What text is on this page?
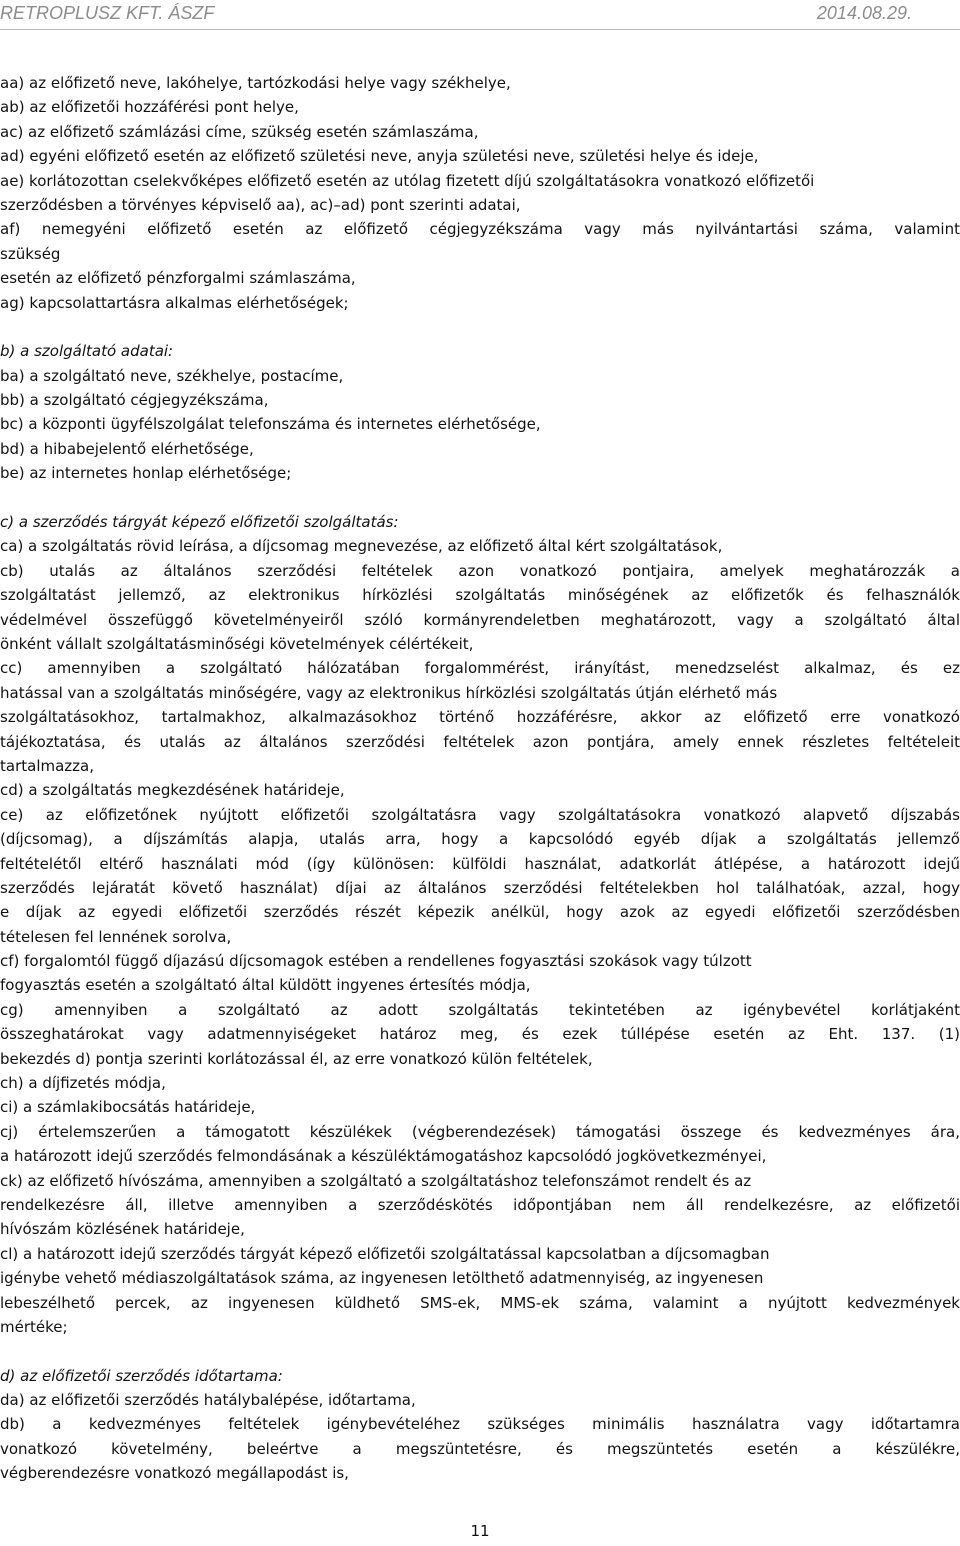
RETROPLUSZ KFT. ÁSZF	2014.08.29.
aa) az előfizető neve, lakóhelye, tartózkodási helye vagy székhelye,
ab) az előfizetői hozzáférési pont helye,
ac) az előfizető számlázási címe, szükség esetén számlaszáma,
ad) egyéni előfizető esetén az előfizető születési neve, anyja születési neve, születési helye és ideje,
ae) korlátozottan cselekvőképes előfizető esetén az utólag fizetett díjú szolgáltatásokra vonatkozó előfizetői
szerződésben a törvényes képviselő aa), ac)–ad) pont szerinti adatai,
af) nemegyéni előfizető esetén az előfizető cégjegyzékszáma vagy más nyilvántartási száma, valamint
szükség
esetén az előfizető pénzforgalmi számlaszáma,
ag) kapcsolattartásra alkalmas elérhetőségek;
b) a szolgáltató adatai:
ba) a szolgáltató neve, székhelye, postacíme,
bb) a szolgáltató cégjegyzékszáma,
bc) a központi ügyfélszolgálat telefonszáma és internetes elérhetősége,
bd) a hibabejelentő elérhetősége,
be) az internetes honlap elérhetősége;
c) a szerződés tárgyát képező előfizetői szolgáltatás:
ca) a szolgáltatás rövid leírása, a díjcsomag megnevezése, az előfizető által kért szolgáltatások,
cb) utalás az általános szerződési feltételek azon vonatkozó pontjaira, amelyek meghatározzák a
szolgáltatást jellemző, az elektronikus hírközlési szolgáltatás minőségének az előfizetők és felhasználók
védelmével összefüggő követelményeiről szóló kormányrendeletben meghatározott, vagy a szolgáltató által
önként vállalt szolgáltatásminőségi követelmények célértékeit,
cc) amennyiben a szolgáltató hálózatában forgalommérést, irányítást, menedzselést alkalmaz, és ez
hatással van a szolgáltatás minőségére, vagy az elektronikus hírközlési szolgáltatás útján elérhető más
szolgáltatásokhoz, tartalmakhoz, alkalmazásokhoz történő hozzáférésre, akkor az előfizető erre vonatkozó
tájékoztatása, és utalás az általános szerződési feltételek azon pontjára, amely ennek részletes feltételeit
tartalmazza,
cd) a szolgáltatás megkezdésének határideje,
ce) az előfizetőnek nyújtott előfizetői szolgáltatásra vagy szolgáltatásokra vonatkozó alapvető díjszabás
(díjcsomag), a díjszámítás alapja, utalás arra, hogy a kapcsolódó egyéb díjak a szolgáltatás jellemző
feltételétől eltérő használati mód (így különösen: külföldi használat, adatkorlát átlépése, a határozott idejű
szerződés lejáratát követő használat) díjai az általános szerződési feltételekben hol találhatóak, azzal, hogy
e díjak az egyedi előfizetői szerződés részét képezik anélkül, hogy azok az egyedi előfizetői szerződésben
tételesen fel lennének sorolva,
cf) forgalomtól függő díjazású díjcsomagok estében a rendellenes fogyasztási szokások vagy túlzott
fogyasztás esetén a szolgáltató által küldött ingyenes értesítés módja,
cg) amennyiben a szolgáltató az adott szolgáltatás tekintetében az igénybevétel korlátjaként
összeghatárokat vagy adatmennyiségeket határoz meg, és ezek túllépése esetén az Eht. 137. (1)
bekezdés d) pontja szerinti korlátozással él, az erre vonatkozó külön feltételek,
ch) a díjfizetés módja,
ci) a számlakibocsátás határideje,
cj) értelemszerűen a támogatott készülékek (végberendezések) támogatási összege és kedvezményes ára,
a határozott idejű szerződés felmondásának a készüléktámogatáshoz kapcsolódó jogkövetkezményei,
ck) az előfizető hívószáma, amennyiben a szolgáltató a szolgáltatáshoz telefonszámot rendelt és az
rendelkezésre áll, illetve amennyiben a szerződéskötés időpontjában nem áll rendelkezésre, az előfizetői
hívószám közlésének határideje,
cl) a határozott idejű szerződés tárgyát képező előfizetői szolgáltatással kapcsolatban a díjcsomagban
igénybe vehető médiaszolgáltatások száma, az ingyenesen letölthető adatmennyiség, az ingyenesen
lebeszélhető percek, az ingyenesen küldhető SMS-ek, MMS-ek száma, valamint a nyújtott kedvezmények
mértéke;
d) az előfizetői szerződés időtartama:
da) az előfizetői szerződés hatálybalépése, időtartama,
db) a kedvezményes feltételek igénybevételéhez szükséges minimális használatra vagy időtartamra
vonatkozó követelmény, beleértve a megszüntetésre, és megszüntetés esetén a készülékre,
végberendezésre vonatkozó megállapodást is,
11
